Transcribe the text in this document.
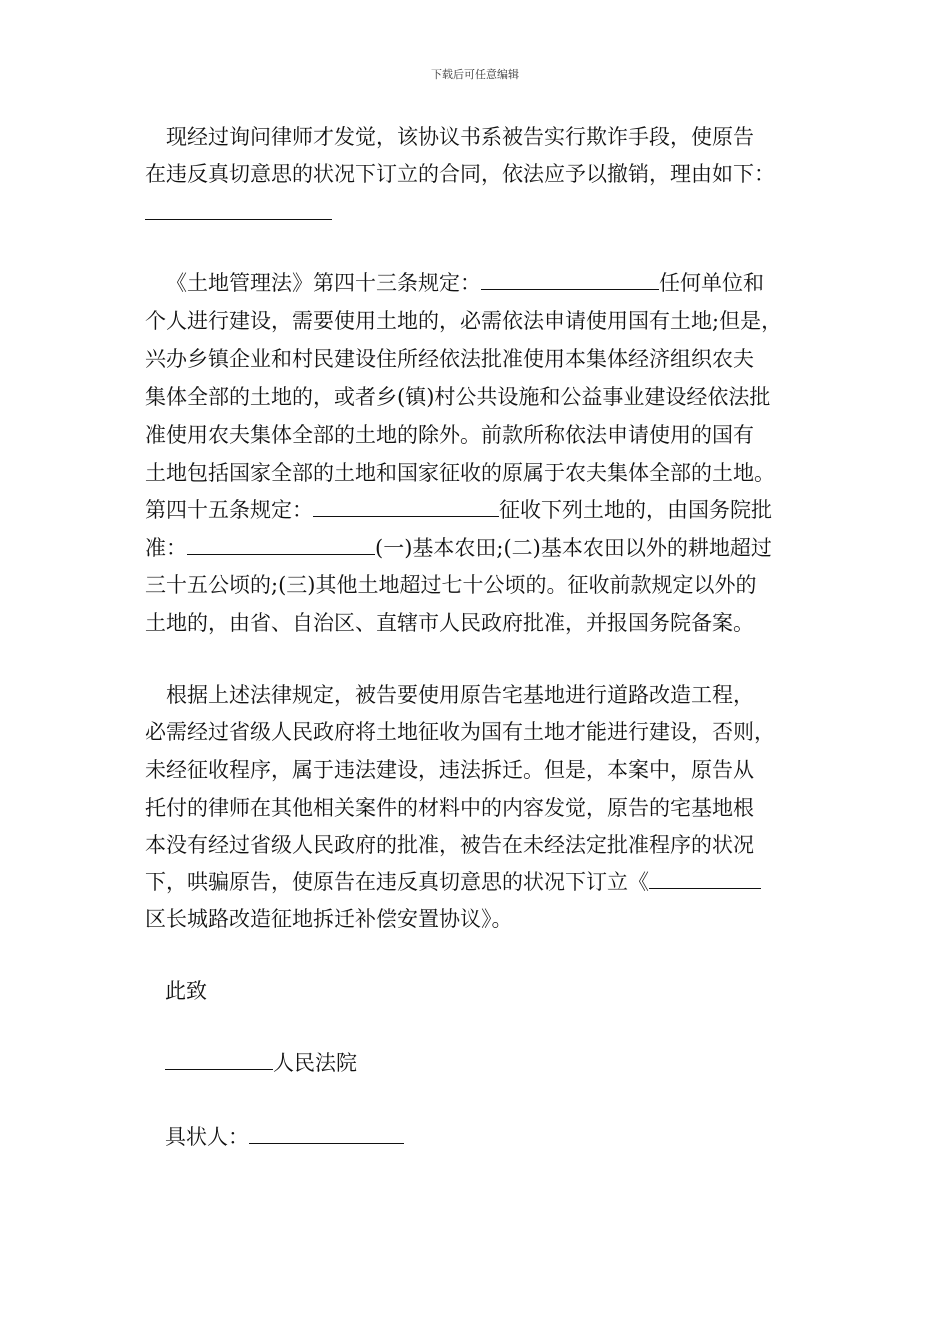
下载后可任意编辑
现经过询问律师才发觉，该协议书系被告实行欺诈手段，使原告
在违反真切意思的状况下订立的合同，依法应予以撤销，理由如下：
《土地管理法》第四十三条规定：	任何单位和
个人进行建设，需要使用土地的，必需依法申请使用国有土地;但是，
兴办乡镇企业和村民建设住所经依法批准使用本集体经济组织农夫
集体全部的土地的，或者乡(镇)村公共设施和公益事业建设经依法批
准使用农夫集体全部的土地的除外。前款所称依法申请使用的国有
土地包括国家全部的土地和国家征收的原属于农夫集体全部的土地。
第四十五条规定：	征收下列土地的，由国务院批
准：	(一)基本农田;(二)基本农田以外的耕地超过
三十五公顷的;(三)其他土地超过七十公顷的。征收前款规定以外的
土地的，由省、自治区、直辖市人民政府批准，并报国务院备案。
根据上述法律规定，被告要使用原告宅基地进行道路改造工程，
必需经过省级人民政府将土地征收为国有土地才能进行建设，否则，
未经征收程序，属于违法建设，违法拆迁。但是，本案中，原告从
托付的律师在其他相关案件的材料中的内容发觉，原告的宅基地根
本没有经过省级人民政府的批准，被告在未经法定批准程序的状况
下，哄骗原告，使原告在违反真切意思的状况下订立《
区长城路改造征地拆迁补偿安置协议》。
此致
人民法院
具状人：
